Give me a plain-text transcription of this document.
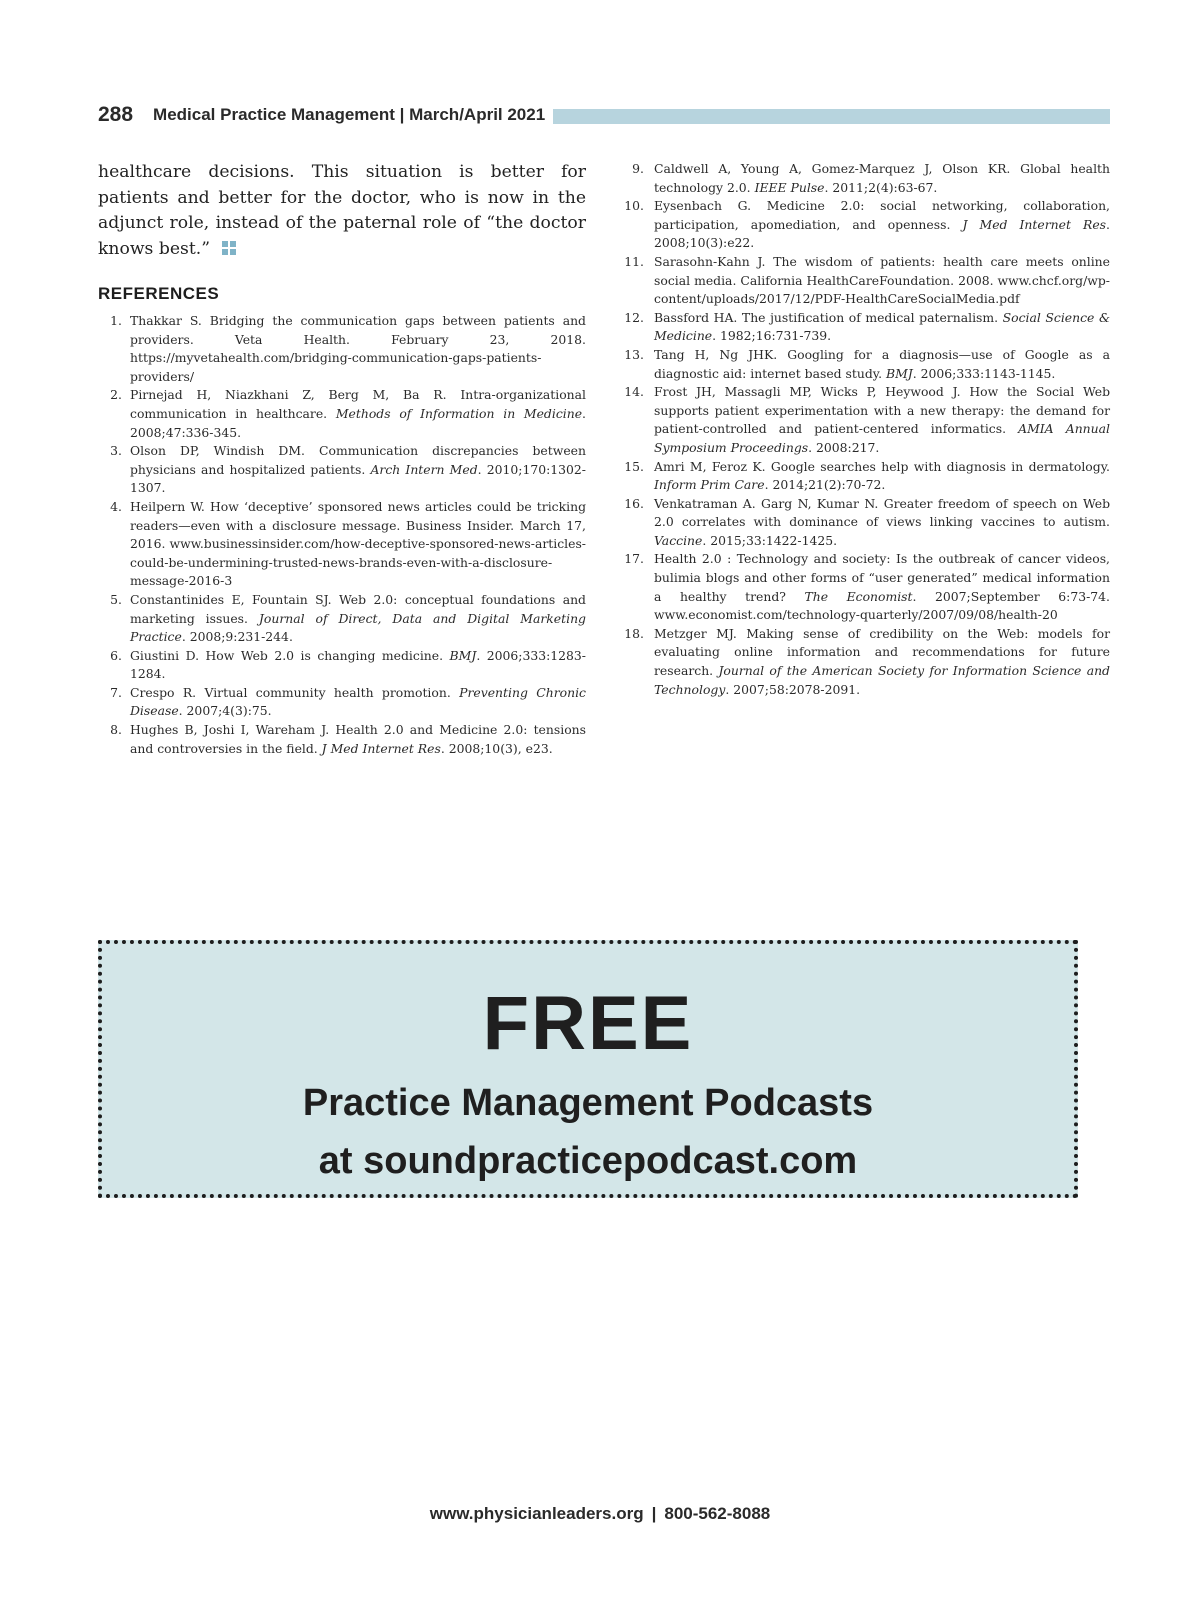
288 Medical Practice Management | March/April 2021

healthcare decisions. This situation is better for patients and better for the doctor, who is now in the adjunct role, instead of the paternal role of “the doctor knows best.”

REFERENCES
1. Thakkar S. Bridging the communication gaps between patients and providers. Veta Health. February 23, 2018. https://myvetahealth.com/bridging-communication-gaps-patients-providers/
2. Pirnejad H, Niazkhani Z, Berg M, Ba R. Intra-organizational communication in healthcare. Methods of Information in Medicine. 2008;47:336-345.
3. Olson DP, Windish DM. Communication discrepancies between physicians and hospitalized patients. Arch Intern Med. 2010;170:1302-1307.
4. Heilpern W. How ‘deceptive’ sponsored news articles could be tricking readers—even with a disclosure message. Business Insider. March 17, 2016. www.businessinsider.com/how-deceptive-sponsored-news-articles-could-be-undermining-trusted-news-brands-even-with-a-disclosure-message-2016-3
5. Constantinides E, Fountain SJ. Web 2.0: conceptual foundations and marketing issues. Journal of Direct, Data and Digital Marketing Practice. 2008;9:231-244.
6. Giustini D. How Web 2.0 is changing medicine. BMJ. 2006;333:1283-1284.
7. Crespo R. Virtual community health promotion. Preventing Chronic Disease. 2007;4(3):75.
8. Hughes B, Joshi I, Wareham J. Health 2.0 and Medicine 2.0: tensions and controversies in the field. J Med Internet Res. 2008;10(3), e23.
9. Caldwell A, Young A, Gomez-Marquez J, Olson KR. Global health technology 2.0. IEEE Pulse. 2011;2(4):63-67.
10. Eysenbach G. Medicine 2.0: social networking, collaboration, participation, apomediation, and openness. J Med Internet Res. 2008;10(3):e22.
11. Sarasohn-Kahn J. The wisdom of patients: health care meets online social media. California HealthCareFoundation. 2008. www.chcf.org/wp-content/uploads/2017/12/PDF-HealthCareSocialMedia.pdf
12. Bassford HA. The justification of medical paternalism. Social Science & Medicine. 1982;16:731-739.
13. Tang H, Ng JHK. Googling for a diagnosis—use of Google as a diagnostic aid: internet based study. BMJ. 2006;333:1143-1145.
14. Frost JH, Massagli MP, Wicks P, Heywood J. How the Social Web supports patient experimentation with a new therapy: the demand for patient-controlled and patient-centered informatics. AMIA Annual Symposium Proceedings. 2008:217.
15. Amri M, Feroz K. Google searches help with diagnosis in dermatology. Inform Prim Care. 2014;21(2):70-72.
16. Venkatraman A. Garg N, Kumar N. Greater freedom of speech on Web 2.0 correlates with dominance of views linking vaccines to autism. Vaccine. 2015;33:1422-1425.
17. Health 2.0 : Technology and society: Is the outbreak of cancer videos, bulimia blogs and other forms of “user generated” medical information a healthy trend? The Economist. 2007;September 6:73-74. www.economist.com/technology-quarterly/2007/09/08/health-20
18. Metzger MJ. Making sense of credibility on the Web: models for evaluating online information and recommendations for future research. Journal of the American Society for Information Science and Technology. 2007;58:2078-2091.
FREE
Practice Management Podcasts
at soundpracticepodcast.com
www.physicianleaders.org | 800-562-8088
